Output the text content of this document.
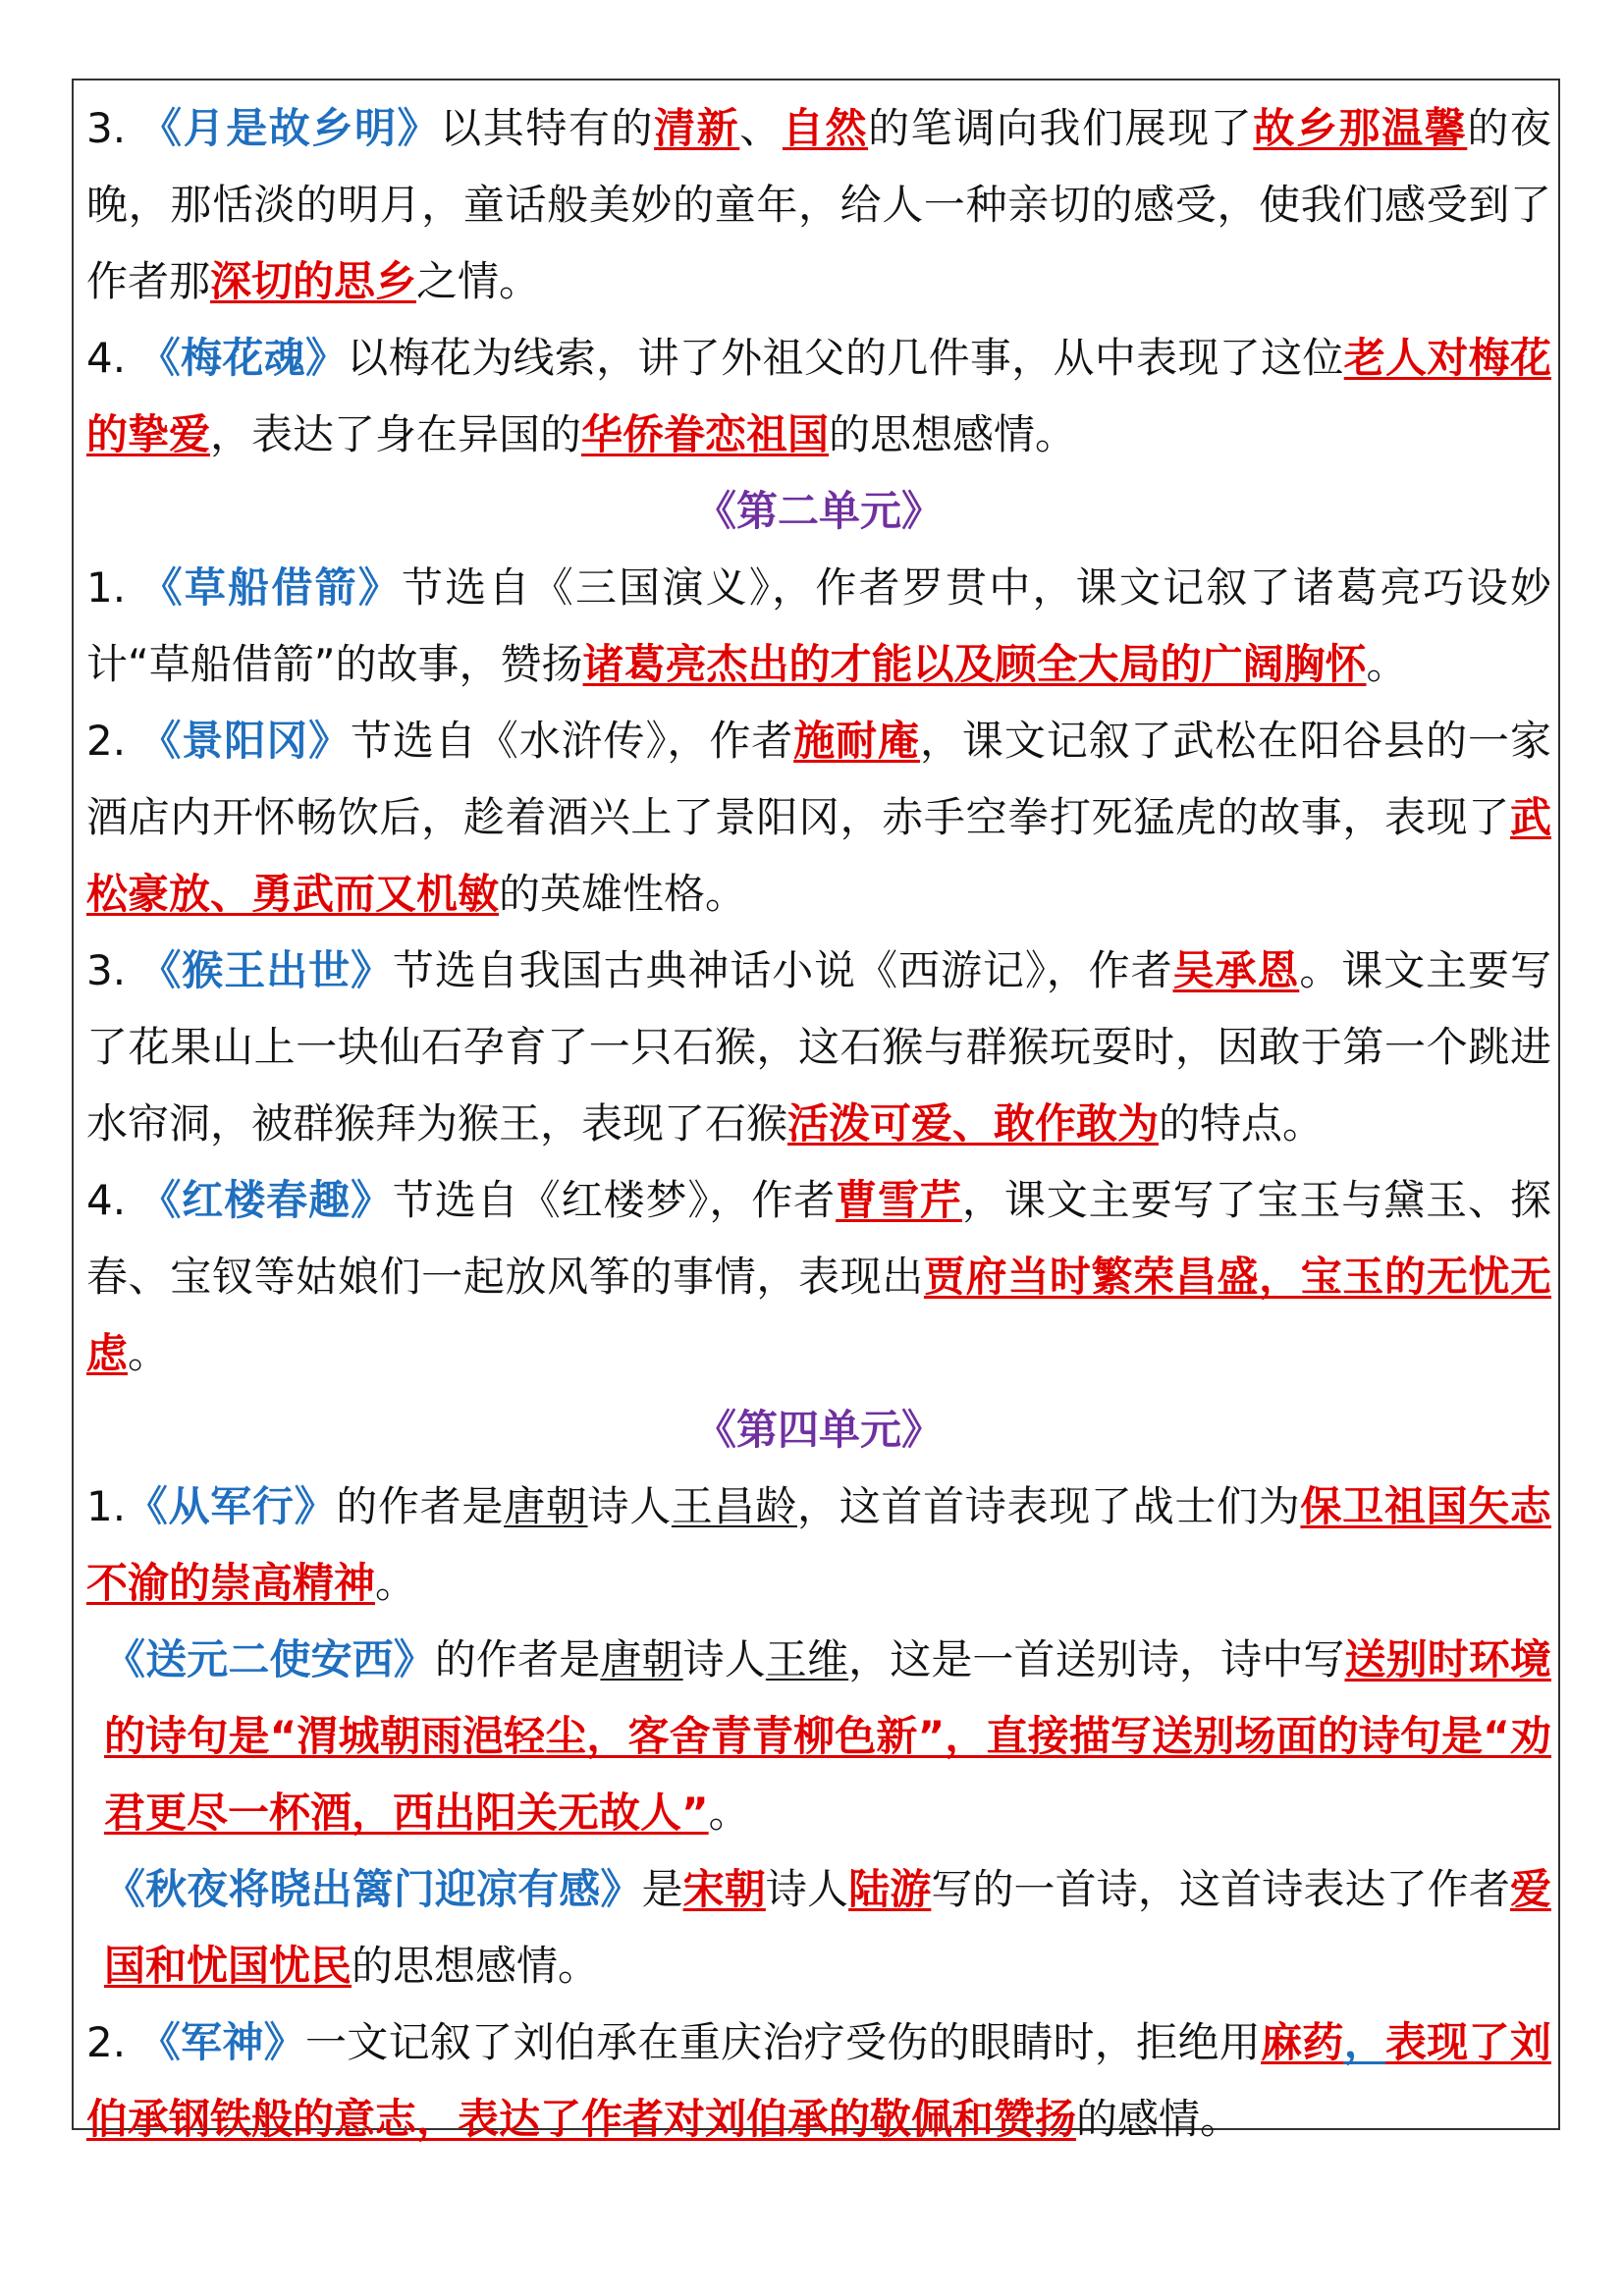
3. 《月是故乡明》以其特有的清新、自然的笔调向我们展现了故乡那温馨的夜晚，那恬淡的明月，童话般美妙的童年，给人一种亲切的感受，使我们感受到了作者那深切的思乡之情。

4. 《梅花魂》以梅花为线索，讲了外祖父的几件事，从中表现了这位老人对梅花的挚爱，表达了身在异国的华侨眷恋祖国的思想感情。

《第二单元》

1. 《草船借箭》节选自《三国演义》，作者罗贯中，课文记叙了诸葛亮巧设妙计“草船借箭”的故事，赞扬诸葛亮杰出的才能以及顾全大局的广阔胸怀。

2. 《景阳冈》节选自《水浒传》，作者施耐庵，课文记叙了武松在阳谷县的一家酒店内开怀畅饮后，趁着酒兴上了景阳冈，赤手空拳打死猛虎的故事，表现了武松豪放、勇武而又机敏的英雄性格。

3. 《猴王出世》节选自我国古典神话小说《西游记》，作者吴承恩。课文主要写了花果山上一块仙石孕育了一只石猴，这石猴与群猴玩耍时，因敢于第一个跳进水帘洞，被群猴拜为猴王，表现了石猴活泼可爱、敢作敢为的特点。

4. 《红楼春趣》节选自《红楼梦》，作者曹雪芹，课文主要写了宝玉与黛玉、探春、宝钗等姑娘们一起放风筝的事情，表现出贾府当时繁荣昌盛，宝玉的无忧无虑。

《第四单元》

1.《从军行》的作者是唐朝诗人王昌龄，这首首诗表现了战士们为保卫祖国矢志不渝的崇高精神。

《送元二使安西》的作者是唐朝诗人王维，这是一首送别诗，诗中写送别时环境的诗句是“渭城朝雨浥轻尘，客舍青青柳色新”，直接描写送别场面的诗句是“劝君更尽一杯酒，西出阳关无故人”。

《秋夜将晓出篱门迎凉有感》是宋朝诗人陆游写的一首诗，这首诗表达了作者爱国和忧国忧民的思想感情。

2. 《军神》一文记叙了刘伯承在重庆治疗受伤的眼睛时，拒绝用麻药，表现了刘伯承钢铁般的意志，表达了作者对刘伯承的敬佩和赞扬的感情。
